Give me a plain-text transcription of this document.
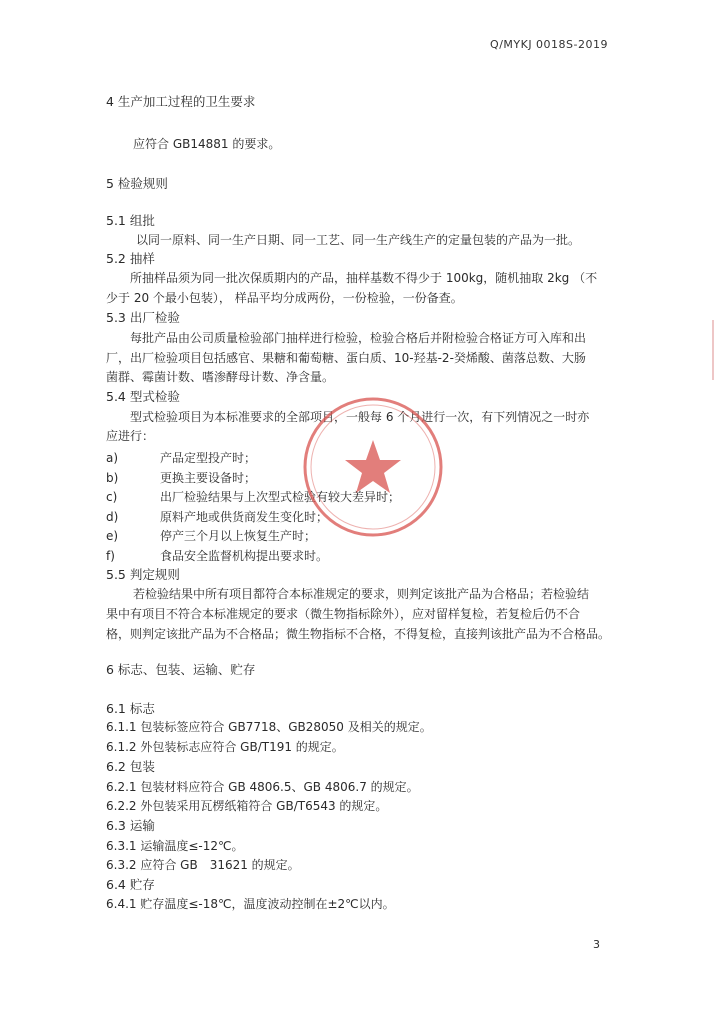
Q/MYKJ 0018S-2019
4 生产加工过程的卫生要求
应符合 GB14881 的要求。
5 检验规则
5.1 组批
以同一原料、同一生产日期、同一工艺、同一生产线生产的定量包装的产品为一批。
5.2 抽样
所抽样品须为同一批次保质期内的产品，抽样基数不得少于 100kg，随机抽取 2kg （不
少于 20 个最小包装）， 样品平均分成两份，一份检验，一份备查。
5.3 出厂检验
每批产品由公司质量检验部门抽样进行检验，检验合格后并附检验合格证方可入库和出
厂，出厂检验项目包括感官、果糖和葡萄糖、蛋白质、10-羟基-2-癸烯酸、菌落总数、大肠
菌群、霉菌计数、嗜渗酵母计数、净含量。
5.4 型式检验
型式检验项目为本标准要求的全部项目，一般每 6 个月进行一次，有下列情况之一时亦
应进行：
a)	产品定型投产时；
b)	更换主要设备时；
c)	出厂检验结果与上次型式检验有较大差异时；
d)	原料产地或供货商发生变化时；
e)	停产三个月以上恢复生产时；
f)	食品安全监督机构提出要求时。
5.5 判定规则
若检验结果中所有项目都符合本标准规定的要求，则判定该批产品为合格品；若检验结
果中有项目不符合本标准规定的要求（微生物指标除外），应对留样复检，若复检后仍不合
格，则判定该批产品为不合格品；微生物指标不合格，不得复检，直接判该批产品为不合格品。
6 标志、包装、运输、贮存
6.1 标志
6.1.1 包装标签应符合 GB7718、GB28050 及相关的规定。
6.1.2 外包装标志应符合 GB/T191 的规定。
6.2 包装
6.2.1 包装材料应符合 GB 4806.5、GB 4806.7 的规定。
6.2.2 外包装采用瓦楞纸箱符合 GB/T6543 的规定。
6.3 运输
6.3.1 运输温度≤-12℃。
6.3.2 应符合 GB　31621 的规定。
6.4 贮存
6.4.1 贮存温度≤-18℃，温度波动控制在±2℃以内。
3
